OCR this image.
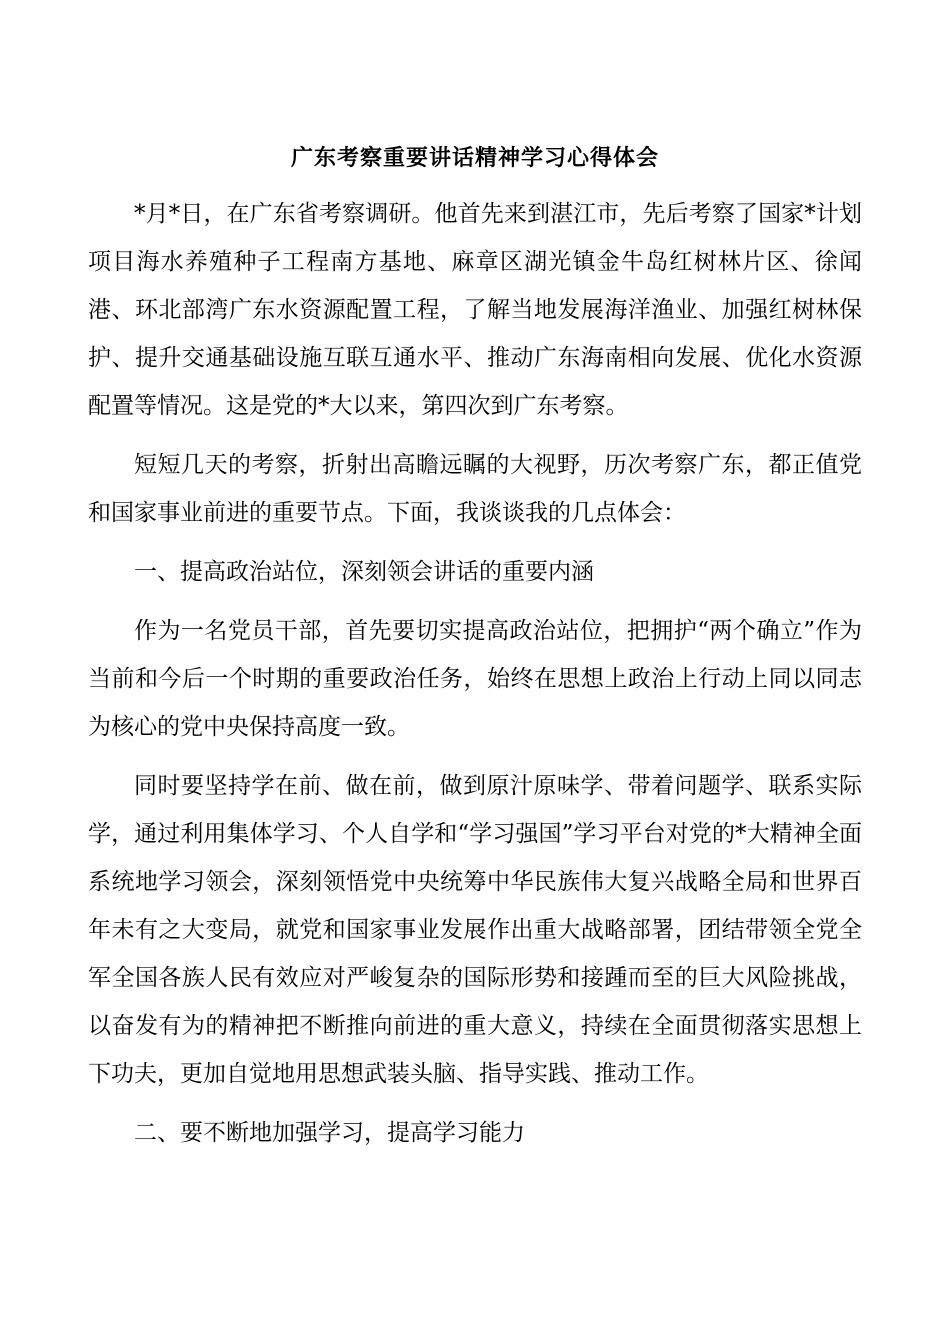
广东考察重要讲话精神学习心得体会

*月*日，在广东省考察调研。他首先来到湛江市，先后考察了国家*计划项目海水养殖种子工程南方基地、麻章区湖光镇金牛岛红树林片区、徐闻港、环北部湾广东水资源配置工程，了解当地发展海洋渔业、加强红树林保护、提升交通基础设施互联互通水平、推动广东海南相向发展、优化水资源配置等情况。这是党的*大以来，第四次到广东考察。

短短几天的考察，折射出高瞻远瞩的大视野，历次考察广东，都正值党和国家事业前进的重要节点。下面，我谈谈我的几点体会：

一、提高政治站位，深刻领会讲话的重要内涵

作为一名党员干部，首先要切实提高政治站位，把拥护“两个确立”作为当前和今后一个时期的重要政治任务，始终在思想上政治上行动上同以同志为核心的党中央保持高度一致。

同时要坚持学在前、做在前，做到原汁原味学、带着问题学、联系实际学，通过利用集体学习、个人自学和“学习强国”学习平台对党的*大精神全面系统地学习领会，深刻领悟党中央统筹中华民族伟大复兴战略全局和世界百年未有之大变局，就党和国家事业发展作出重大战略部署，团结带领全党全军全国各族人民有效应对严峻复杂的国际形势和接踵而至的巨大风险挑战，以奋发有为的精神把不断推向前进的重大意义，持续在全面贯彻落实思想上下功夫，更加自觉地用思想武装头脑、指导实践、推动工作。

二、要不断地加强学习，提高学习能力
